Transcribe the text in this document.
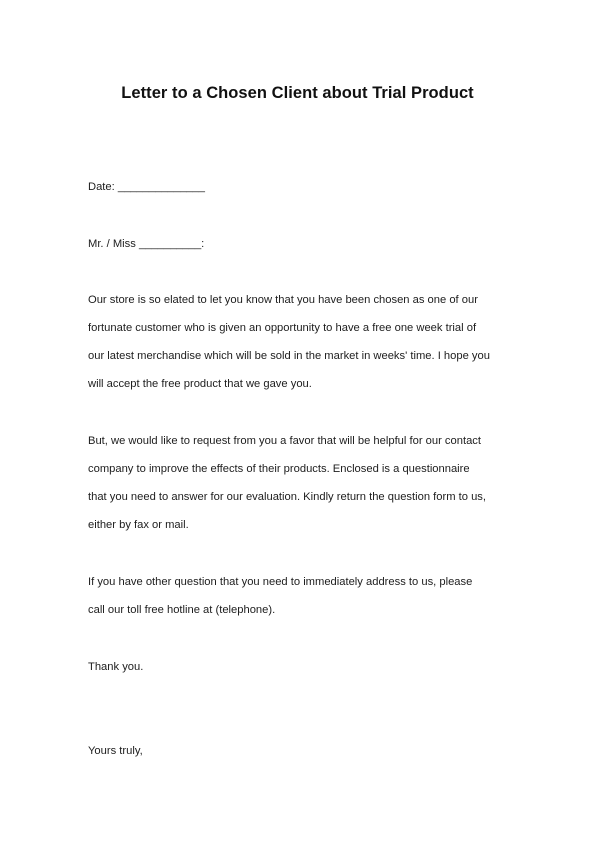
Letter to a Chosen Client about Trial Product
Date: ______________
Mr. / Miss __________:
Our store is so elated to let you know that you have been chosen as one of our
fortunate customer who is given an opportunity to have a free one week trial of
our latest merchandise which will be sold in the market in weeks' time. I hope you
will accept the free product that we gave you.
But, we would like to request from you a favor that will be helpful for our contact
company to improve the effects of their products. Enclosed is a questionnaire
that you need to answer for our evaluation. Kindly return the question form to us,
either by fax or mail.
If you have other question that you need to immediately address to us, please
call our toll free hotline at (telephone).
Thank you.
Yours truly,
